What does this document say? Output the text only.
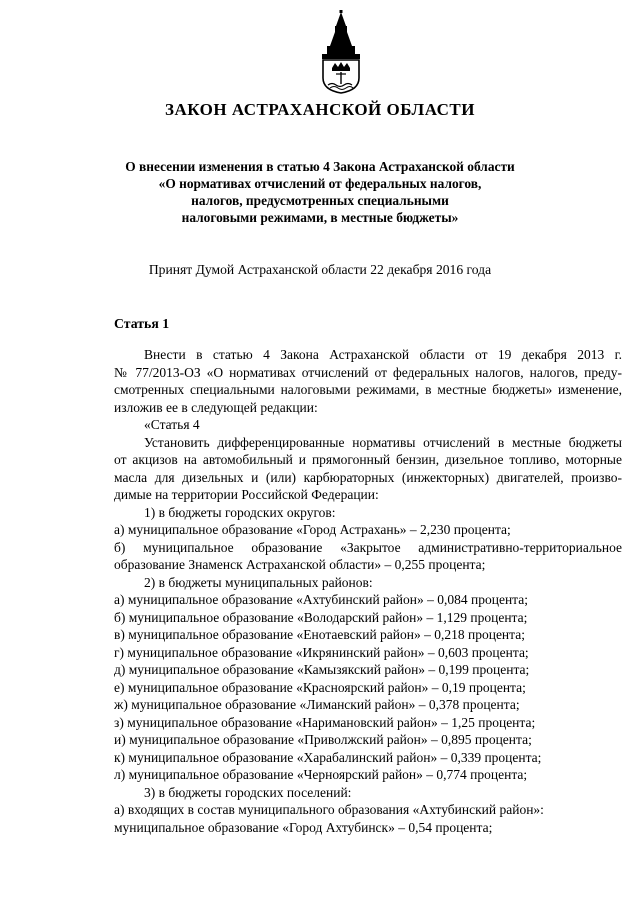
ЗАКОН АСТРАХАНСКОЙ ОБЛАСТИ
О внесении изменения в статью 4 Закона Астраханской области
«О нормативах отчислений от федеральных налогов,
налогов, предусмотренных специальными
налоговыми режимами, в местные бюджеты»
Принят Думой Астраханской области 22 декабря 2016 года
Статья 1

Внести в статью 4 Закона Астраханской области от 19 декабря 2013 г.

№ 77/2013-ОЗ «О нормативах отчислений от федеральных налогов, налогов, преду-

смотренных специальными налоговыми режимами, в местные бюджеты» изменение,

изложив ее в следующей редакции:

«Статья 4

Установить дифференцированные нормативы отчислений в местные бюджеты

от акцизов на автомобильный и прямогонный бензин, дизельное топливо, моторные

масла для дизельных и (или) карбюраторных (инжекторных) двигателей, произво-

димые на территории Российской Федерации:

1) в бюджеты городских округов:

а) муниципальное образование «Город Астрахань» – 2,230 процента;

б) муниципальное образование «Закрытое административно-территориальное

образование Знаменск Астраханской области» – 0,255 процента;

2) в бюджеты муниципальных районов:

а) муниципальное образование «Ахтубинский район» – 0,084 процента;

б) муниципальное образование «Володарский район» – 1,129 процента;

в) муниципальное образование «Енотаевский район» – 0,218 процента;

г) муниципальное образование «Икрянинский район» – 0,603 процента;

д) муниципальное образование «Камызякский район» – 0,199 процента;

е) муниципальное образование «Красноярский район» – 0,19 процента;

ж) муниципальное образование «Лиманский район» – 0,378 процента;

з) муниципальное образование «Наримановский район» – 1,25 процента;

и) муниципальное образование «Приволжский район» – 0,895 процента;

к) муниципальное образование «Харабалинский район» – 0,339 процента;

л) муниципальное образование «Черноярский район» – 0,774 процента;

3) в бюджеты городских поселений:

а) входящих в состав муниципального образования «Ахтубинский район»:

муниципальное образование «Город Ахтубинск» – 0,54 процента;
